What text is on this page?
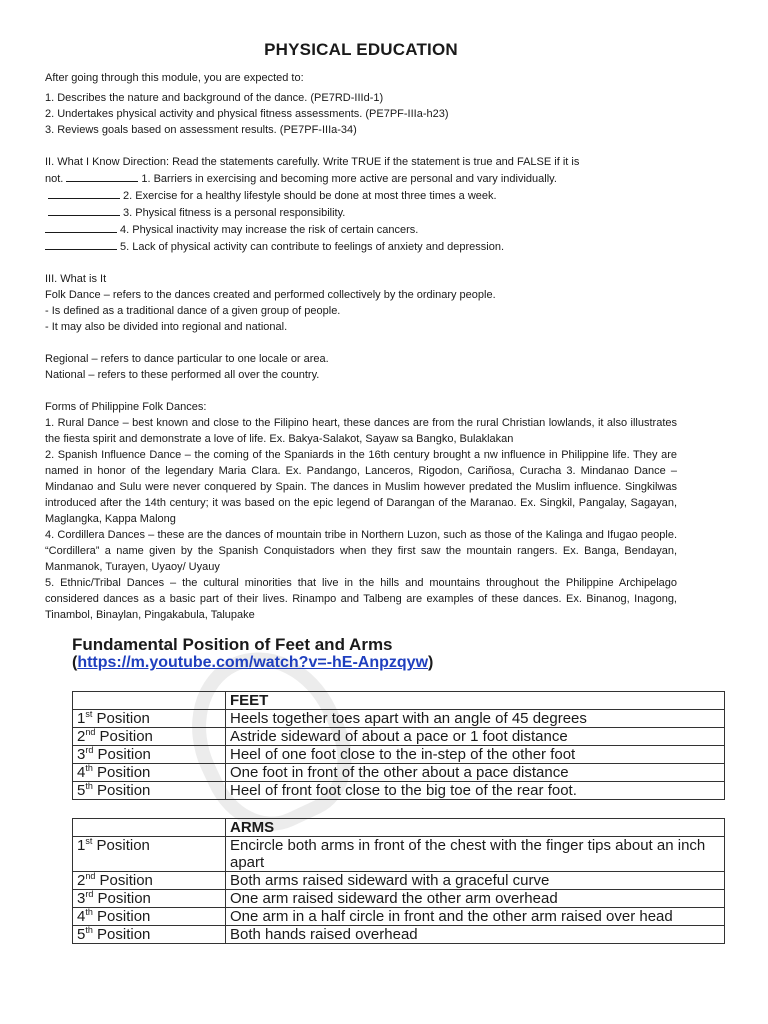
PHYSICAL EDUCATION

After going through this module, you are expected to:

1. Describes the nature and background of the dance. (PE7RD-IIId-1)

2. Undertakes physical activity and physical fitness assessments. (PE7PF-IIIa-h23)

3. Reviews goals based on assessment results. (PE7PF-IIIa-34)

II. What I Know Direction: Read the statements carefully. Write TRUE if the statement is true and FALSE if it is

not.	1. Barriers in exercising and becoming more active are personal and vary individually.

2. Exercise for a healthy lifestyle should be done at most three times a week.

3. Physical fitness is a personal responsibility.

4. Physical inactivity may increase the risk of certain cancers.

5. Lack of physical activity can contribute to feelings of anxiety and depression.

III. What is It

Folk Dance – refers to the dances created and performed collectively by the ordinary people.

- Is defined as a traditional dance of a given group of people.

- It may also be divided into regional and national.

Regional – refers to dance particular to one locale or area.

National – refers to these performed all over the country.

Forms of Philippine Folk Dances:

1. Rural Dance – best known and close to the Filipino heart, these dances are from the rural Christian lowlands, it also illustrates the fiesta spirit and demonstrate a love of life. Ex. Bakya-Salakot, Sayaw sa Bangko, Bulaklakan

2. Spanish Influence Dance – the coming of the Spaniards in the 16th century brought a nw influence in Philippine life. They are named in honor of the legendary Maria Clara. Ex. Pandango, Lanceros, Rigodon, Cariñosa, Curacha 3. Mindanao Dance – Mindanao and Sulu were never conquered by Spain. The dances in Muslim however predated the Muslim influence. Singkilwas introduced after the 14th century; it was based on the epic legend of Darangan of the Maranao. Ex. Singkil, Pangalay, Sagayan, Maglangka, Kappa Malong

4. Cordillera Dances – these are the dances of mountain tribe in Northern Luzon, such as those of the Kalinga and Ifugao people. “Cordillera” a name given by the Spanish Conquistadors when they first saw the mountain rangers. Ex. Banga, Bendayan, Manmanok, Turayen, Uyaoy/ Uyauy

5. Ethnic/Tribal Dances – the cultural minorities that live in the hills and mountains throughout the Philippine Archipelago considered dances as a basic part of their lives. Rinampo and Talbeng are examples of these dances. Ex. Binanog, Inagong, Tinambol, Binaylan, Pingakabula, Talupake

Fundamental Position of Feet and Arms

(https://m.youtube.com/watch?v=-hE-Anpzqyw)

	FEET
1st Position	Heels together toes apart with an angle of 45 degrees
2nd Position	Astride sideward of about a pace or 1 foot distance
3rd Position	Heel of one foot close to the in-step of the other foot
4th Position	One foot in front of the other about a pace distance
5th Position	Heel of front foot close to the big toe of the rear foot.
	ARMS
1st Position	Encircle both arms in front of the chest with the finger tips about an inch apart
2nd Position	Both arms raised sideward with a graceful curve
3rd Position	One arm raised sideward the other arm overhead
4th Position	One arm in a half circle in front and the other arm raised over head
5th Position	Both hands raised overhead
